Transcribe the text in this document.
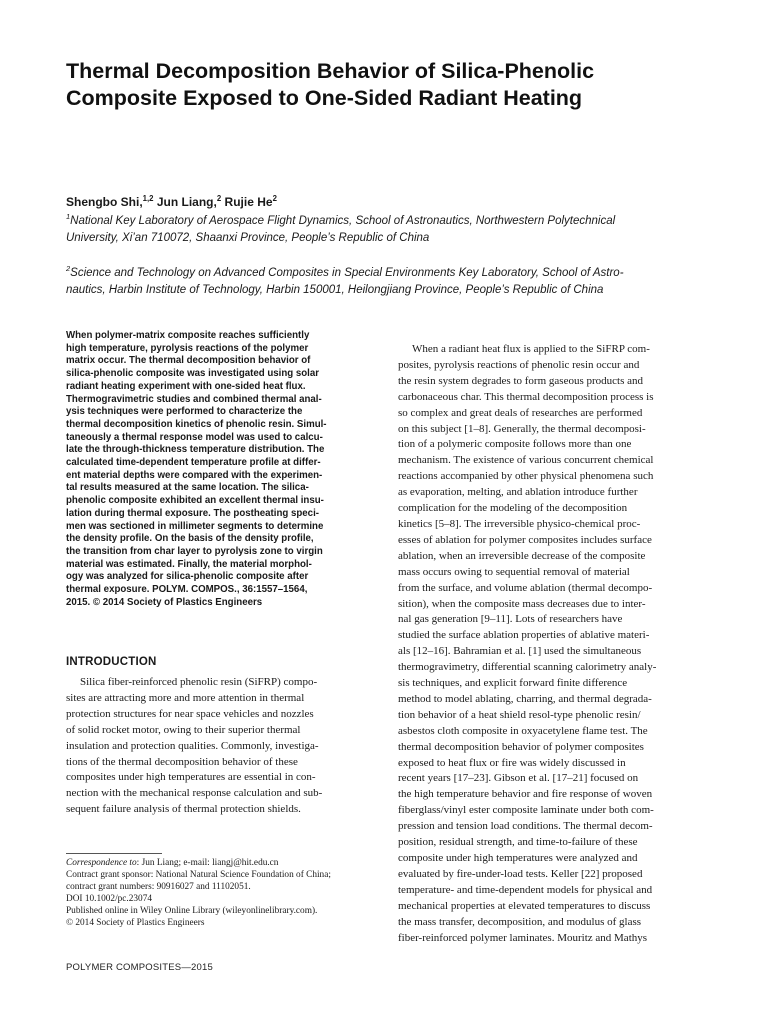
Thermal Decomposition Behavior of Silica-Phenolic
Composite Exposed to One-Sided Radiant Heating
Shengbo Shi,$^{1,2}$ Jun Liang,$^2$ Rujie He$^2$
$^1$National Key Laboratory of Aerospace Flight Dynamics, School of Astronautics, Northwestern Polytechnical
University, Xi’an 710072, Shaanxi Province, People’s Republic of China
$^2$Science and Technology on Advanced Composites in Special Environments Key Laboratory, School of Astro-
nautics, Harbin Institute of Technology, Harbin 150001, Heilongjiang Province, People’s Republic of China
When polymer-matrix composite reaches sufficiently
high temperature, pyrolysis reactions of the polymer
matrix occur. The thermal decomposition behavior of
silica-phenolic composite was investigated using solar
radiant heating experiment with one-sided heat flux.
Thermogravimetric studies and combined thermal anal-
ysis techniques were performed to characterize the
thermal decomposition kinetics of phenolic resin. Simul-
taneously a thermal response model was used to calcu-
late the through-thickness temperature distribution. The
calculated time-dependent temperature profile at differ-
ent material depths were compared with the experimen-
tal results measured at the same location. The silica-
phenolic composite exhibited an excellent thermal insu-
lation during thermal exposure. The postheating speci-
men was sectioned in millimeter segments to determine
the density profile. On the basis of the density profile,
the transition from char layer to pyrolysis zone to virgin
material was estimated. Finally, the material morphol-
ogy was analyzed for silica-phenolic composite after
thermal exposure. POLYM. COMPOS., 36:1557–1564,
2015. © 2014 Society of Plastics Engineers
INTRODUCTION
Silica fiber-reinforced phenolic resin (SiFRP) compo-
sites are attracting more and more attention in thermal
protection structures for near space vehicles and nozzles
of solid rocket motor, owing to their superior thermal
insulation and protection qualities. Commonly, investiga-
tions of the thermal decomposition behavior of these
composites under high temperatures are essential in con-
nection with the mechanical response calculation and sub-
sequent failure analysis of thermal protection shields.
When a radiant heat flux is applied to the SiFRP com-
posites, pyrolysis reactions of phenolic resin occur and
the resin system degrades to form gaseous products and
carbonaceous char. This thermal decomposition process is
so complex and great deals of researches are performed
on this subject [1–8]. Generally, the thermal decomposi-
tion of a polymeric composite follows more than one
mechanism. The existence of various concurrent chemical
reactions accompanied by other physical phenomena such
as evaporation, melting, and ablation introduce further
complication for the modeling of the decomposition
kinetics [5–8]. The irreversible physico-chemical proc-
esses of ablation for polymer composites includes surface
ablation, when an irreversible decrease of the composite
mass occurs owing to sequential removal of material
from the surface, and volume ablation (thermal decompo-
sition), when the composite mass decreases due to inter-
nal gas generation [9–11]. Lots of researchers have
studied the surface ablation properties of ablative materi-
als [12–16]. Bahramian et al. [1] used the simultaneous
thermogravimetry, differential scanning calorimetry analy-
sis techniques, and explicit forward finite difference
method to model ablating, charring, and thermal degrada-
tion behavior of a heat shield resol-type phenolic resin/
asbestos cloth composite in oxyacetylene flame test. The
thermal decomposition behavior of polymer composites
exposed to heat flux or fire was widely discussed in
recent years [17–23]. Gibson et al. [17–21] focused on
the high temperature behavior and fire response of woven
fiberglass/vinyl ester composite laminate under both com-
pression and tension load conditions. The thermal decom-
position, residual strength, and time-to-failure of these
composite under high temperatures were analyzed and
evaluated by fire-under-load tests. Keller [22] proposed
temperature- and time-dependent models for physical and
mechanical properties at elevated temperatures to discuss
the mass transfer, decomposition, and modulus of glass
fiber-reinforced polymer laminates. Mouritz and Mathys
Correspondence to: Jun Liang; e-mail: liangj@hit.edu.cn
Contract grant sponsor: National Natural Science Foundation of China;
contract grant numbers: 90916027 and 11102051.
DOI 10.1002/pc.23074
Published online in Wiley Online Library (wileyonlinelibrary.com).
© 2014 Society of Plastics Engineers
POLYMER COMPOSITES—2015
